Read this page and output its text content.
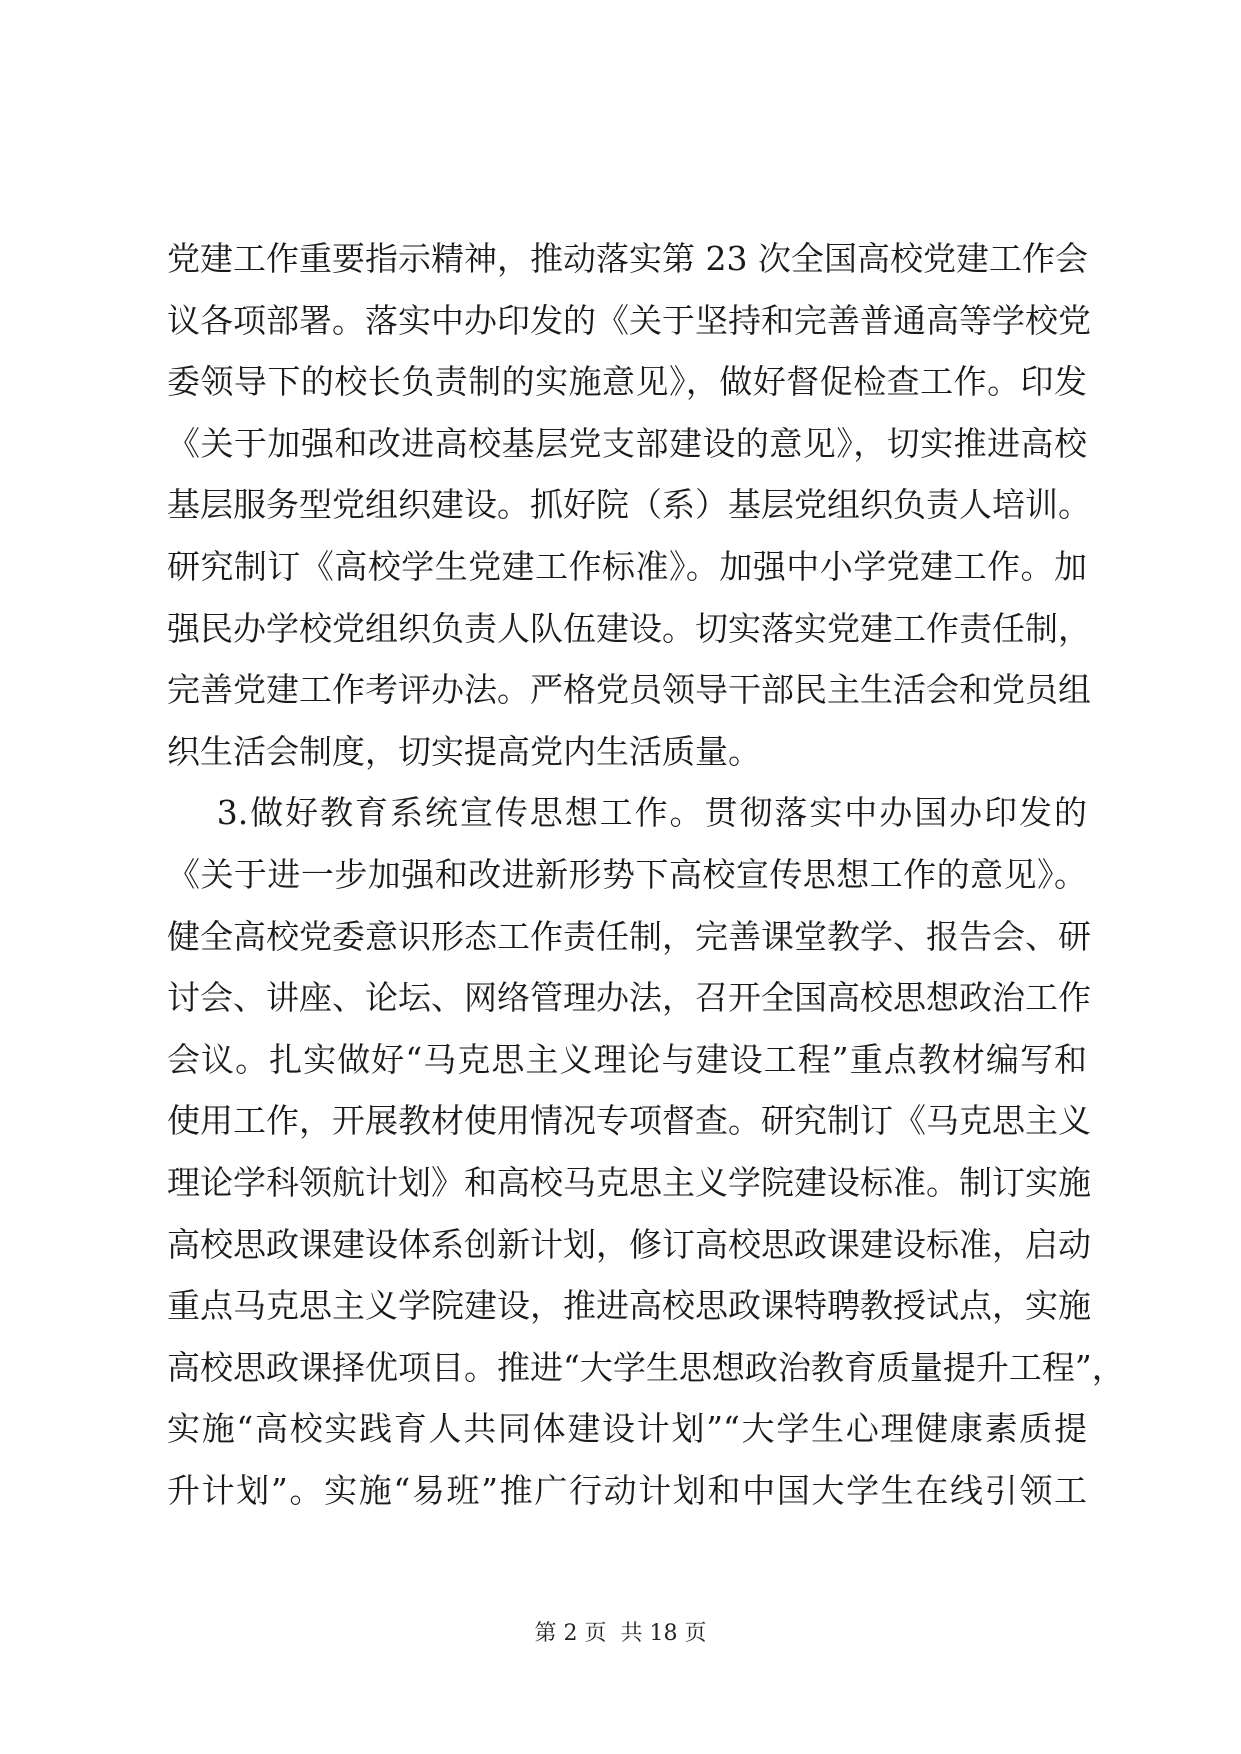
党建工作重要指示精神，推动落实第 23 次全国高校党建工作会
议各项部署。落实中办印发的《关于坚持和完善普通高等学校党
委领导下的校长负责制的实施意见》，做好督促检查工作。印发
《关于加强和改进高校基层党支部建设的意见》，切实推进高校
基层服务型党组织建设。抓好院（系）基层党组织负责人培训。
研究制订《高校学生党建工作标准》。加强中小学党建工作。加
强民办学校党组织负责人队伍建设。切实落实党建工作责任制，
完善党建工作考评办法。严格党员领导干部民主生活会和党员组
织生活会制度，切实提高党内生活质量。
3.做好教育系统宣传思想工作。贯彻落实中办国办印发的
《关于进一步加强和改进新形势下高校宣传思想工作的意见》。
健全高校党委意识形态工作责任制，完善课堂教学、报告会、研
讨会、讲座、论坛、网络管理办法，召开全国高校思想政治工作
会议。扎实做好“马克思主义理论与建设工程”重点教材编写和
使用工作，开展教材使用情况专项督查。研究制订《马克思主义
理论学科领航计划》和高校马克思主义学院建设标准。制订实施
高校思政课建设体系创新计划，修订高校思政课建设标准，启动
重点马克思主义学院建设，推进高校思政课特聘教授试点，实施
高校思政课择优项目。推进“大学生思想政治教育质量提升工程”，
实施“高校实践育人共同体建设计划”“大学生心理健康素质提
升计划”。实施“易班”推广行动计划和中国大学生在线引领工
第 2 页  共 18 页
